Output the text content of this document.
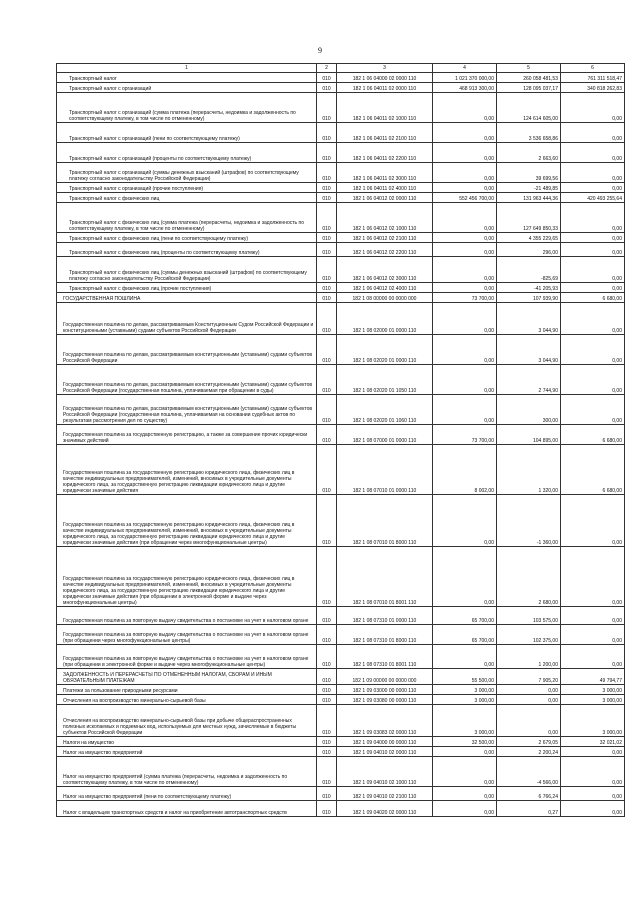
9
1	2	3	4	5	6
Транспортный налог	010	182 1 06 04000 02 0000 110	1 021 370 000,00	260 058 481,53	761 311 518,47
Транспортный налог с организаций	010	182 1 06 04011 02 0000 110	468 913 300,00	128 095 037,17	340 818 262,83
Транспортный налог с организаций (сумма платежа (перерасчеты, недоимка и задолженность по соответствующему платежу, в том числе по отмененному)	010	182 1 06 04011 02 1000 110	0,00	124 614 605,00	0,00
Транспортный налог с организаций (пени по соответствующему платежу)	010	182 1 06 04011 02 2100 110	0,00	3 536 658,86	0,00
Транспортный налог с организаций (проценты по соответствующему платежу)	010	182 1 06 04011 02 2200 110	0,00	2 663,60	0,00
Транспортный налог с организаций (суммы денежных взысканий (штрафов) по соответствующему платежу согласно законодательству Российской Федерации)	010	182 1 06 04011 02 3000 110	0,00	39 699,56	0,00
Транспортный налог с организаций (прочие поступления)	010	182 1 06 04011 02 4000 110	0,00	-21 489,85	0,00
Транспортный налог с физических лиц	010	182 1 06 04012 02 0000 110	552 456 700,00	131 963 444,36	420 493 255,64
Транспортный налог с физических лиц (сумма платежа (перерасчеты, недоимка и задолженность по соответствующему платежу, в том числе по отмененному)	010	182 1 06 04012 02 1000 110	0,00	127 649 850,33	0,00
Транспортный налог с физических лиц (пени по соответствующему платежу)	010	182 1 06 04012 02 2100 110	0,00	4 355 229,65	0,00
Транспортный налог с физических лиц (проценты по соответствующему платежу)	010	182 1 06 04012 02 2200 110	0,00	296,00	0,00
Транспортный налог с физических лиц (суммы денежных взысканий (штрафов) по соответствующему платежу согласно законодательству Российской Федерации)	010	182 1 06 04012 02 3000 110	0,00	-825,69	0,00
Транспортный налог с физических лиц (прочие поступления)	010	182 1 06 04012 02 4000 110	0,00	-41 205,93	0,00
ГОСУДАРСТВЕННАЯ ПОШЛИНА	010	182 1 08 00000 00 0000 000	73 700,00	107 939,90	6 680,00
Государственная пошлина по делам, рассматриваемым Конституционным Судом Российской Федерации и конституционными (уставными) судами субъектов Российской Федерации	010	182 1 08 02000 01 0000 110	0,00	3 044,90	0,00
Государственная пошлина по делам, рассматриваемым конституционными (уставными) судами субъектов Российской Федерации	010	182 1 08 02020 01 0000 110	0,00	3 044,90	0,00
Государственная пошлина по делам, рассматриваемым конституционными (уставными) судами субъектов Российской Федерации (государственная пошлина, уплачиваемая при обращении в суды)	010	182 1 08 02020 01 1050 110	0,00	2 744,90	0,00
Государственная пошлина по делам, рассматриваемым конституционными (уставными) судами субъектов Российской Федерации (государственная пошлина, уплачиваемая на основании судебных актов по результатам рассмотрения дел по существу)	010	182 1 08 02020 01 1060 110	0,00	300,00	0,00
Государственная пошлина за государственную регистрацию, а также за совершение прочих юридически значимых действий	010	182 1 08 07000 01 0000 110	73 700,00	104 895,00	6 680,00
Государственная пошлина за государственную регистрацию юридического лица, физических лиц в качестве индивидуальных предпринимателей, изменений, вносимых в учредительные документы юридического лица, за государственную регистрацию ликвидации юридического лица и другие юридически значимые действия	010	182 1 08 07010 01 0000 110	8 002,00	1 320,00	6 680,00
Государственная пошлина за государственную регистрацию юридического лица, физических лиц в качестве индивидуальных предпринимателей, изменений, вносимых в учредительные документы юридического лица, за государственную регистрацию ликвидации юридического лица и другие юридически значимые действия (при обращении через многофункциональные центры)	010	182 1 08 07010 01 8000 110	0,00	-1 360,00	0,00
Государственная пошлина за государственную регистрацию юридического лица, физических лиц в качестве индивидуальных предпринимателей, изменений, вносимых в учредительные документы юридического лица, за государственную регистрацию ликвидации юридического лица и другие юридически значимые действия (при обращении в электронной форме и выдаче через многофункциональные центры)	010	182 1 08 07010 01 8001 110	0,00	2 680,00	0,00
Государственная пошлина за повторную выдачу свидетельства о постановке на учет в налоговом органе	010	182 1 08 07310 01 0000 110	65 700,00	103 575,00	0,00
Государственная пошлина за повторную выдачу свидетельства о постановке на учет в налоговом органе (при обращении через многофункциональные центры)	010	182 1 08 07310 01 8000 110	65 700,00	102 375,00	0,00
Государственная пошлина за повторную выдачу свидетельства о постановке на учет в налоговом органе (при обращении в электронной форме и выдаче через многофункциональные центры)	010	182 1 08 07310 01 8001 110	0,00	1 200,00	0,00
ЗАДОЛЖЕННОСТЬ И ПЕРЕРАСЧЕТЫ ПО ОТМЕНЕННЫМ НАЛОГАМ, СБОРАМ И ИНЫМ ОБЯЗАТЕЛЬНЫМ ПЛАТЕЖАМ	010	182 1 09 00000 00 0000 000	55 500,00	7 905,20	49 794,77
Платежи за пользование природными ресурсами	010	182 1 09 03000 00 0000 110	3 000,00	0,00	3 000,00
Отчисления на воспроизводство минерально-сырьевой базы	010	182 1 09 03080 00 0000 110	3 000,00	0,00	3 000,00
Отчисления на воспроизводство минерально-сырьевой базы при добыче общераспространенных полезных ископаемых и подземных вод, используемых для местных нужд, зачисляемые в бюджеты субъектов Российской Федерации	010	182 1 09 03083 02 0000 110	3 000,00	0,00	3 000,00
Налоги на имущество	010	182 1 09 04000 00 0000 110	32 500,00	2 679,05	32 021,02
Налог на имущество предприятий	010	182 1 09 04010 02 0000 110	0,00	2 200,24	0,00
Налог на имущество предприятий (сумма платежа (перерасчеты, недоимка и задолженность по соответствующему платежу, в том числе по отмененному)	010	182 1 09 04010 02 1000 110	0,00	-4 566,00	0,00
Налог на имущество предприятий (пени по соответствующему платежу)	010	182 1 09 04010 02 2100 110	0,00	6 766,24	0,00
Налог с владельцев транспортных средств и налог на приобретение автотранспортных средств	010	182 1 09 04020 02 0000 110	0,00	0,27	0,00
